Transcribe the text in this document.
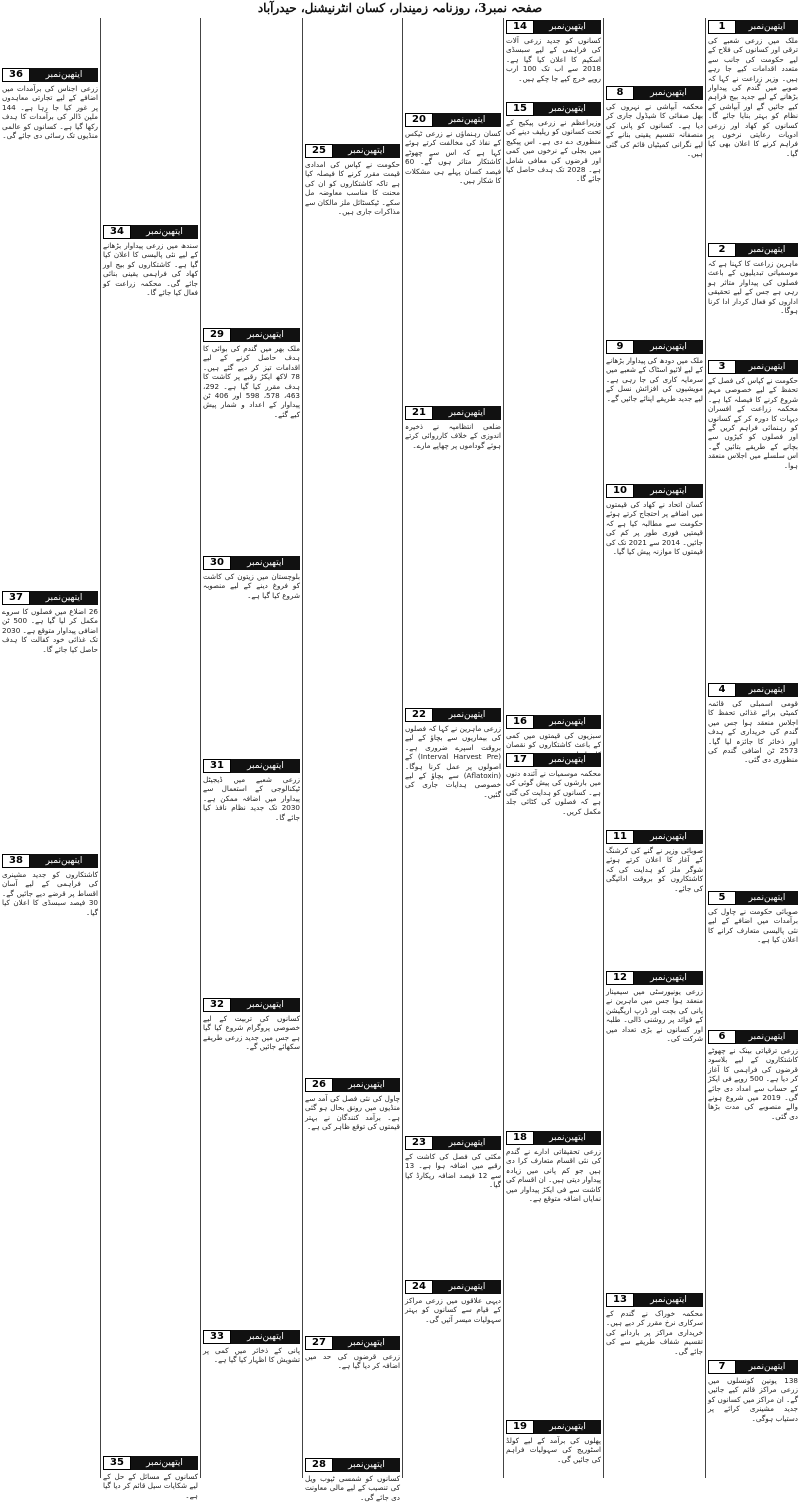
صفحہ نمبر3، روزنامہ زمیندار، کسان انٹرنیشنل، حیدرآباد
1	ایتھین‌نمبر
ملک میں زرعی شعبے کی ترقی اور کسانوں کی فلاح کے لیے حکومت کی جانب سے متعدد اقدامات کیے جا رہے ہیں۔ وزیر زراعت نے کہا کہ صوبے میں گندم کی پیداوار بڑھانے کے لیے جدید بیج فراہم کیے جائیں گے اور آبپاشی کے نظام کو بہتر بنایا جائے گا۔ کسانوں کو کھاد اور زرعی ادویات رعایتی نرخوں پر فراہم کرنے کا اعلان بھی کیا گیا۔
2	ایتھین‌نمبر
ماہرین زراعت کا کہنا ہے کہ موسمیاتی تبدیلیوں کے باعث فصلوں کی پیداوار متاثر ہو رہی ہے جس کے لیے تحقیقی اداروں کو فعال کردار ادا کرنا ہوگا۔
3	ایتھین‌نمبر
حکومت نے کپاس کی فصل کے تحفظ کے لیے خصوصی مہم شروع کرنے کا فیصلہ کیا ہے۔ محکمہ زراعت کے افسران دیہات کا دورہ کر کے کسانوں کو رہنمائی فراہم کریں گے اور فصلوں کو کیڑوں سے بچانے کے طریقے بتائیں گے۔ اس سلسلے میں اجلاس منعقد ہوا۔
4	ایتھین‌نمبر
قومی اسمبلی کی قائمہ کمیٹی برائے غذائی تحفظ کا اجلاس منعقد ہوا جس میں گندم کی خریداری کے ہدف اور ذخائر کا جائزہ لیا گیا۔ 2573 ٹن اضافی گندم کی منظوری دی گئی۔
5	ایتھین‌نمبر
صوبائی حکومت نے چاول کی برآمدات میں اضافے کے لیے نئی پالیسی متعارف کرانے کا اعلان کیا ہے۔
6	ایتھین‌نمبر
زرعی ترقیاتی بینک نے چھوٹے کاشتکاروں کے لیے بلاسود قرضوں کی فراہمی کا آغاز کر دیا ہے۔ 500 روپے فی ایکڑ کے حساب سے امداد دی جائے گی۔ 2019 میں شروع ہونے والے منصوبے کی مدت بڑھا دی گئی۔
7	ایتھین‌نمبر
138 یونین کونسلوں میں زرعی مراکز قائم کیے جائیں گے۔ ان مراکز میں کسانوں کو جدید مشینری کرائے پر دستیاب ہوگی۔
8	ایتھین‌نمبر
محکمہ آبپاشی نے نہروں کی بھل صفائی کا شیڈول جاری کر دیا ہے۔ کسانوں کو پانی کی منصفانہ تقسیم یقینی بنانے کے لیے نگرانی کمیٹیاں قائم کی گئی ہیں۔
9	ایتھین‌نمبر
ملک میں دودھ کی پیداوار بڑھانے کے لیے لائیو اسٹاک کے شعبے میں سرمایہ کاری کی جا رہی ہے۔ مویشیوں کی افزائش نسل کے لیے جدید طریقے اپنائے جائیں گے۔
10	ایتھین‌نمبر
کسان اتحاد نے کھاد کی قیمتوں میں اضافے پر احتجاج کرتے ہوئے حکومت سے مطالبہ کیا ہے کہ قیمتیں فوری طور پر کم کی جائیں۔ 2014 سے 2021 تک کی قیمتوں کا موازنہ پیش کیا گیا۔
11	ایتھین‌نمبر
صوبائی وزیر نے گنے کی کرشنگ کے آغاز کا اعلان کرتے ہوئے شوگر ملز کو ہدایت کی کہ کاشتکاروں کو بروقت ادائیگی کی جائے۔
12	ایتھین‌نمبر
زرعی یونیورسٹی میں سیمینار منعقد ہوا جس میں ماہرین نے پانی کی بچت اور ڈرپ اریگیشن کے فوائد پر روشنی ڈالی۔ طلبہ اور کسانوں نے بڑی تعداد میں شرکت کی۔
13	ایتھین‌نمبر
محکمہ خوراک نے گندم کے سرکاری نرخ مقرر کر دیے ہیں۔ خریداری مراکز پر باردانے کی تقسیم شفاف طریقے سے کی جائے گی۔
14	ایتھین‌نمبر
کسانوں کو جدید زرعی آلات کی فراہمی کے لیے سبسڈی اسکیم کا اعلان کیا گیا ہے۔ 2018 سے اب تک 100 ارب روپے خرچ کیے جا چکے ہیں۔
15	ایتھین‌نمبر
وزیراعظم نے زرعی پیکیج کے تحت کسانوں کو ریلیف دینے کی منظوری دے دی ہے۔ اس پیکیج میں بجلی کے نرخوں میں کمی اور قرضوں کی معافی شامل ہے۔ 2028 تک ہدف حاصل کیا جائے گا۔
16	ایتھین‌نمبر
سبزیوں کی قیمتوں میں کمی کے باعث کاشتکاروں کو نقصان
17	ایتھین‌نمبر
محکمہ موسمیات نے آئندہ دنوں میں بارشوں کی پیش گوئی کی ہے۔ کسانوں کو ہدایت کی گئی ہے کہ فصلوں کی کٹائی جلد مکمل کریں۔
18	ایتھین‌نمبر
زرعی تحقیقاتی ادارے نے گندم کی نئی اقسام متعارف کرا دی ہیں جو کم پانی میں زیادہ پیداوار دیتی ہیں۔ ان اقسام کی کاشت سے فی ایکڑ پیداوار میں نمایاں اضافہ متوقع ہے۔
19	ایتھین‌نمبر
پھلوں کی برآمد کے لیے کولڈ اسٹوریج کی سہولیات فراہم کی جائیں گی۔
20	ایتھین‌نمبر
کسان رہنماؤں نے زرعی ٹیکس کے نفاذ کی مخالفت کرتے ہوئے کہا ہے کہ اس سے چھوٹے کاشتکار متاثر ہوں گے۔ 60 فیصد کسان پہلے ہی مشکلات کا شکار ہیں۔
21	ایتھین‌نمبر
ضلعی انتظامیہ نے ذخیرہ اندوزی کے خلاف کارروائی کرتے ہوئے گوداموں پر چھاپے مارے۔
22	ایتھین‌نمبر
زرعی ماہرین نے کہا کہ فصلوں کی بیماریوں سے بچاؤ کے لیے بروقت اسپرے ضروری ہے۔ (Interval Harvest Pre) کے اصولوں پر عمل کرنا ہوگا۔ (Aflatoxin) سے بچاؤ کے لیے خصوصی ہدایات جاری کی گئیں۔
23	ایتھین‌نمبر
مکئی کی فصل کی کاشت کے رقبے میں اضافہ ہوا ہے۔ 13 سے 12 فیصد اضافہ ریکارڈ کیا گیا۔
24	ایتھین‌نمبر
دیہی علاقوں میں زرعی مراکز کے قیام سے کسانوں کو بہتر سہولیات میسر آئیں گی۔
25	ایتھین‌نمبر
حکومت نے کپاس کی امدادی قیمت مقرر کرنے کا فیصلہ کیا ہے تاکہ کاشتکاروں کو ان کی محنت کا مناسب معاوضہ مل سکے۔ ٹیکسٹائل ملز مالکان سے مذاکرات جاری ہیں۔
26	ایتھین‌نمبر
چاول کی نئی فصل کی آمد سے منڈیوں میں رونق بحال ہو گئی ہے۔ برآمد کنندگان نے بہتر قیمتوں کی توقع ظاہر کی ہے۔
27	ایتھین‌نمبر
زرعی قرضوں کی حد میں اضافہ کر دیا گیا ہے۔
28	ایتھین‌نمبر
کسانوں کو شمسی ٹیوب ویل کی تنصیب کے لیے مالی معاونت دی جائے گی۔
29	ایتھین‌نمبر
ملک بھر میں گندم کی بوائی کا ہدف حاصل کرنے کے لیے اقدامات تیز کر دیے گئے ہیں۔ 78 لاکھ ایکڑ رقبے پر کاشت کا ہدف مقرر کیا گیا ہے۔ 292، 463، 578، 598 اور 406 ٹن پیداوار کے اعداد و شمار پیش کیے گئے۔
30	ایتھین‌نمبر
بلوچستان میں زیتون کی کاشت کو فروغ دینے کے لیے منصوبہ شروع کیا گیا ہے۔
31	ایتھین‌نمبر
زرعی شعبے میں ڈیجیٹل ٹیکنالوجی کے استعمال سے پیداوار میں اضافہ ممکن ہے۔ 2030 تک جدید نظام نافذ کیا جائے گا۔
32	ایتھین‌نمبر
کسانوں کی تربیت کے لیے خصوصی پروگرام شروع کیا گیا ہے جس میں جدید زرعی طریقے سکھائے جائیں گے۔
33	ایتھین‌نمبر
پانی کے ذخائر میں کمی پر تشویش کا اظہار کیا گیا ہے۔
34	ایتھین‌نمبر
سندھ میں زرعی پیداوار بڑھانے کے لیے نئی پالیسی کا اعلان کیا گیا ہے۔ کاشتکاروں کو بیج اور کھاد کی فراہمی یقینی بنائی جائے گی۔ محکمہ زراعت کو فعال کیا جائے گا۔
35	ایتھین‌نمبر
کسانوں کے مسائل کے حل کے لیے شکایات سیل قائم کر دیا گیا ہے۔
36	ایتھین‌نمبر
زرعی اجناس کی برآمدات میں اضافے کے لیے تجارتی معاہدوں پر غور کیا جا رہا ہے۔ 144 ملین ڈالر کی برآمدات کا ہدف رکھا گیا ہے۔ کسانوں کو عالمی منڈیوں تک رسائی دی جائے گی۔
37	ایتھین‌نمبر
26 اضلاع میں فصلوں کا سروے مکمل کر لیا گیا ہے۔ 500 ٹن اضافی پیداوار متوقع ہے۔ 2030 تک غذائی خود کفالت کا ہدف حاصل کیا جائے گا۔
38	ایتھین‌نمبر
کاشتکاروں کو جدید مشینری کی فراہمی کے لیے آسان اقساط پر قرضے دیے جائیں گے۔ 30 فیصد سبسڈی کا اعلان کیا گیا۔
